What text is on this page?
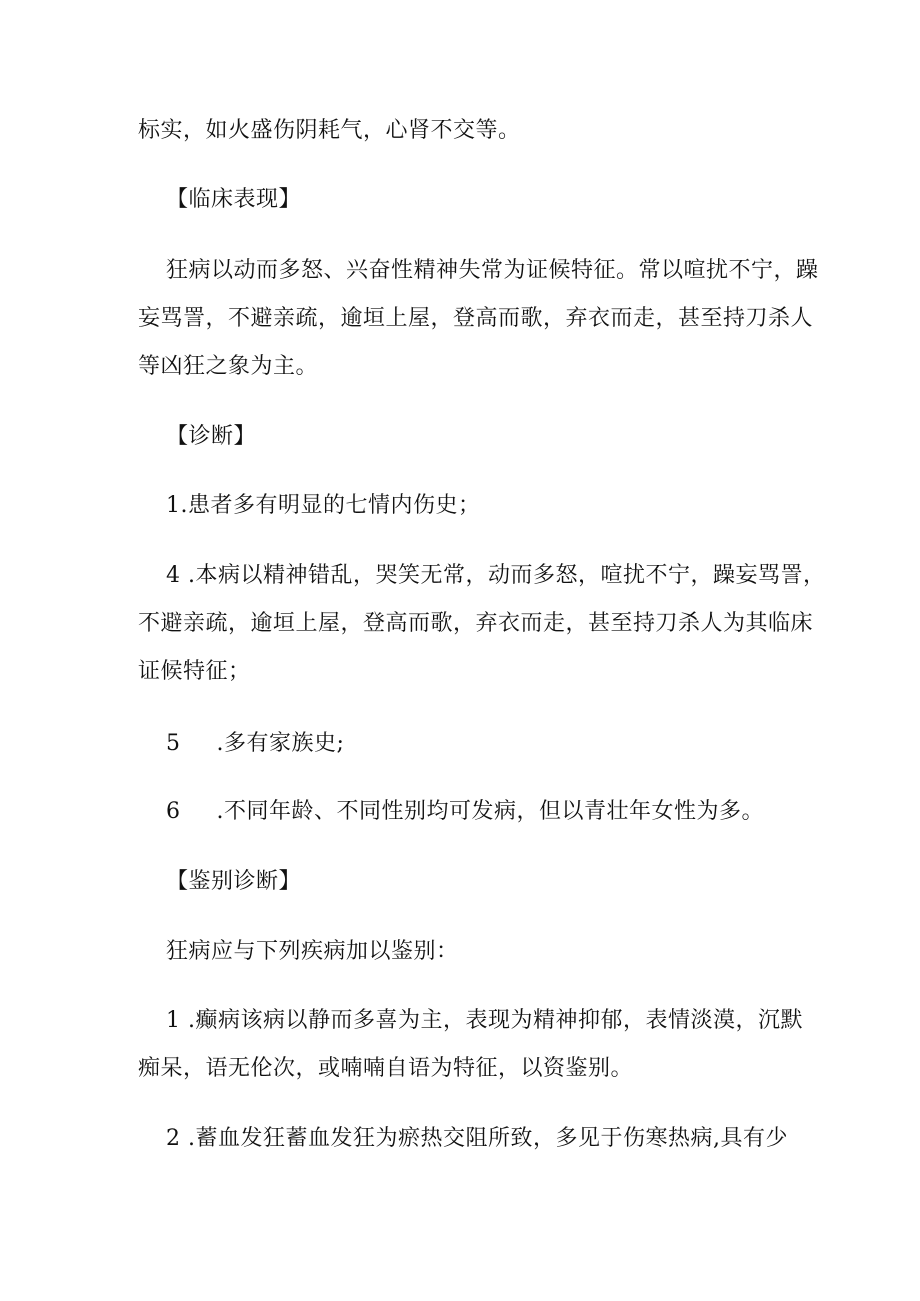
标实，如火盛伤阴耗气，心肾不交等。
【临床表现】
狂病以动而多怒、兴奋性精神失常为证候特征。常以喧扰不宁，躁
妄骂詈，不避亲疏，逾垣上屋，登高而歌，弃衣而走，甚至持刀杀人
等凶狂之象为主。
【诊断】
1.患者多有明显的七情内伤史；
4 .本病以精神错乱，哭笑无常，动而多怒，喧扰不宁，躁妄骂詈，
不避亲疏，逾垣上屋，登高而歌，弃衣而走，甚至持刀杀人为其临床
证候特征；
5 .多有家族史;
6 .不同年龄、不同性别均可发病，但以青壮年女性为多。
【鉴别诊断】
狂病应与下列疾病加以鉴别：
1 .癫病该病以静而多喜为主，表现为精神抑郁，表情淡漠，沉默
痴呆，语无伦次，或喃喃自语为特征，以资鉴别。
2 .蓄血发狂蓄血发狂为瘀热交阻所致，多见于伤寒热病,具有少
